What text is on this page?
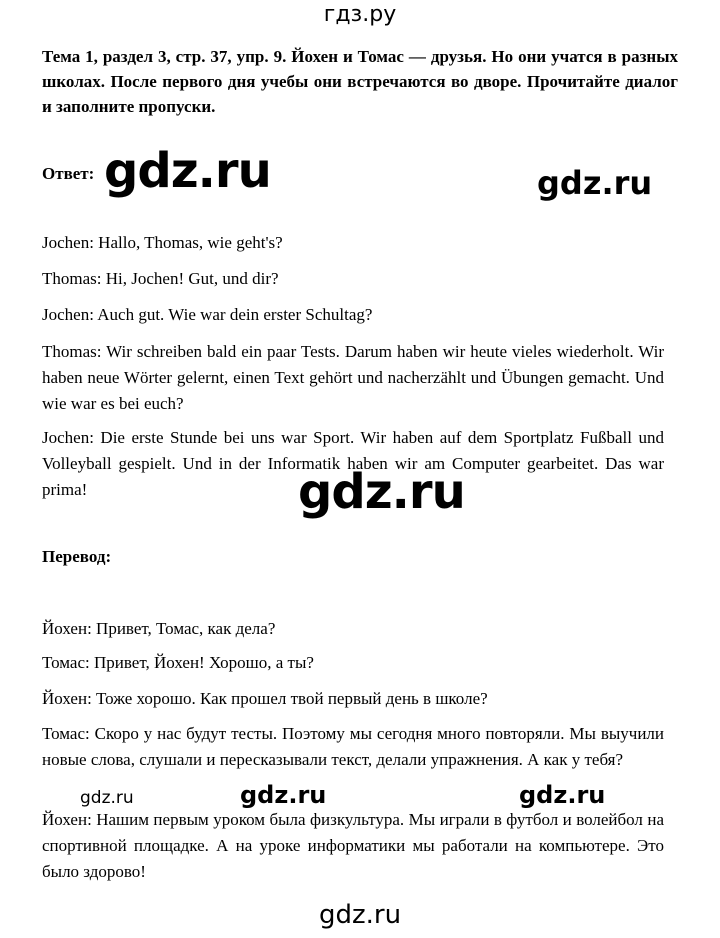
гдз.ру
Тема 1, раздел 3, стр. 37, упр. 9. Йохен и Томас — друзья. Но они учатся в разных школах. После первого дня учебы они встречаются во дворе. Прочитайте диалог и заполните пропуски.
Ответ: gdz.ru	gdz.ru

Jochen: Hallo, Thomas, wie geht's?

Thomas: Hi, Jochen! Gut, und dir?

Jochen: Auch gut. Wie war dein erster Schultag?

Thomas: Wir schreiben bald ein paar Tests. Darum haben wir heute vieles wiederholt. Wir haben neue Wörter gelernt, einen Text gehört und nacherzählt und Übungen gemacht. Und wie war es bei euch?

Jochen: Die erste Stunde bei uns war Sport. Wir haben auf dem Sportplatz Fußball und Volleyball gespielt. Und in der Informatik haben wir am Computer gearbeitet. Das war prima!	gdz.ru
Перевод:

Йохен: Привет, Томас, как дела?

Томас: Привет, Йохен! Хорошо, а ты?

Йохен: Тоже хорошо. Как прошел твой первый день в школе?

Томас: Скоро у нас будут тесты. Поэтому мы сегодня много повторяли. Мы выучили новые слова, слушали и пересказывали текст, делали упражнения. А как у тебя?

gdz.ru	gdz.ru	gdz.ru

Йохен: Нашим первым уроком была физкультура. Мы играли в футбол и волейбол на спортивной площадке. А на уроке информатики мы работали на компьютере. Это было здорово!

gdz.ru
